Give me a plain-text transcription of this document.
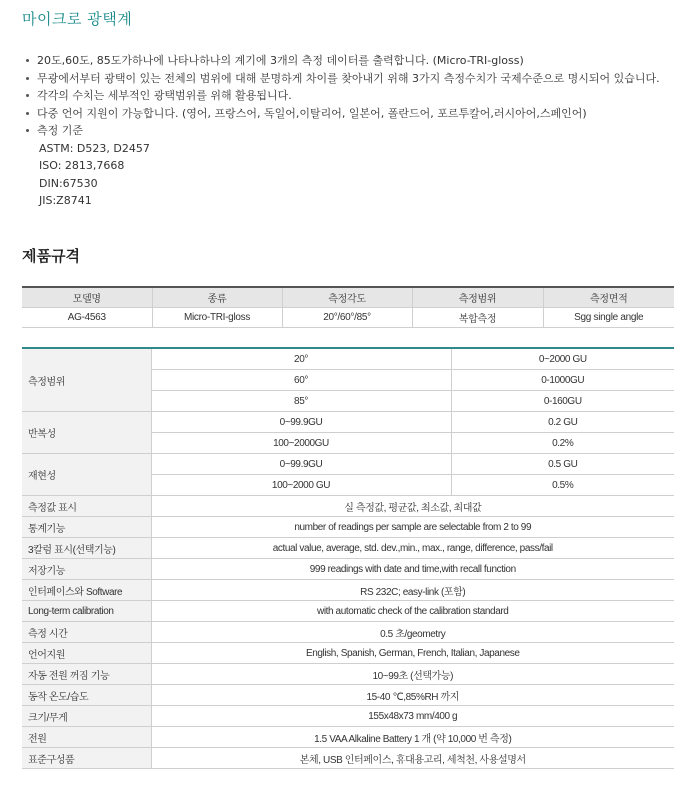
마이크로 광택계
20도,60도, 85도가하나에 나타나하나의 계기에 3개의 측정 데이터를 출력합니다. (Micro-TRI-gloss)
무광에서부터 광택이 있는 전체의 범위에 대해 분명하게 차이를 찾아내기 위해 3가지 측정수치가 국제수준으로 명시되어 있습니다.
각각의 수치는 세부적인 광택범위를 위해 활용됩니다.
다중 언어 지원이 가능합니다. (영어, 프랑스어, 독일어,이탈리어, 일본어, 폴란드어, 포르투칼어,러시아어,스페인어)
측정 기준
ASTM: D523, D2457
ISO: 2813,7668
DIN:67530
JIS:Z8741
제품규격
모델명	종류	측정각도	측정범위	측정면적
AG-4563	Micro-TRI-gloss	20°/60°/85°	복합측정	Sgg single angle
측정범위	20°	0~2000 GU
	60°	0-1000GU
	85°	0-160GU
반복성	0~99.9GU	0.2 GU
	100~2000GU	0.2%
재현성	0~99.9GU	0.5 GU
	100~2000 GU	0.5%
측정값 표시	실 측정값, 평균값, 최소값, 최대값	
통계기능	number of readings per sample are selectable from 2 to 99	
3칼럼 표시(선택기능)	actual value, average, std. dev.,min., max., range, difference, pass/fail	
저장기능	999 readings with date and time,with recall function	
인터페이스와 Software	RS 232C; easy-link (포함)	
Long-term calibration	with automatic check of the calibration standard	
측정 시간	0.5 초/geometry	
언어지원	English, Spanish, German, French, Italian, Japanese	
자동 전원 꺼짐 기능	10~99초 (선택가능)	
동작 온도/습도	15-40 ℃,85%RH 까지	
크기/무게	155x48x73 mm/400 g	
전원	1.5 VAA Alkaline Battery 1 개 (약 10,000 번 측정)	
표준구성품	본체, USB 인터페이스, 휴대용고리, 세척천, 사용설명서	
